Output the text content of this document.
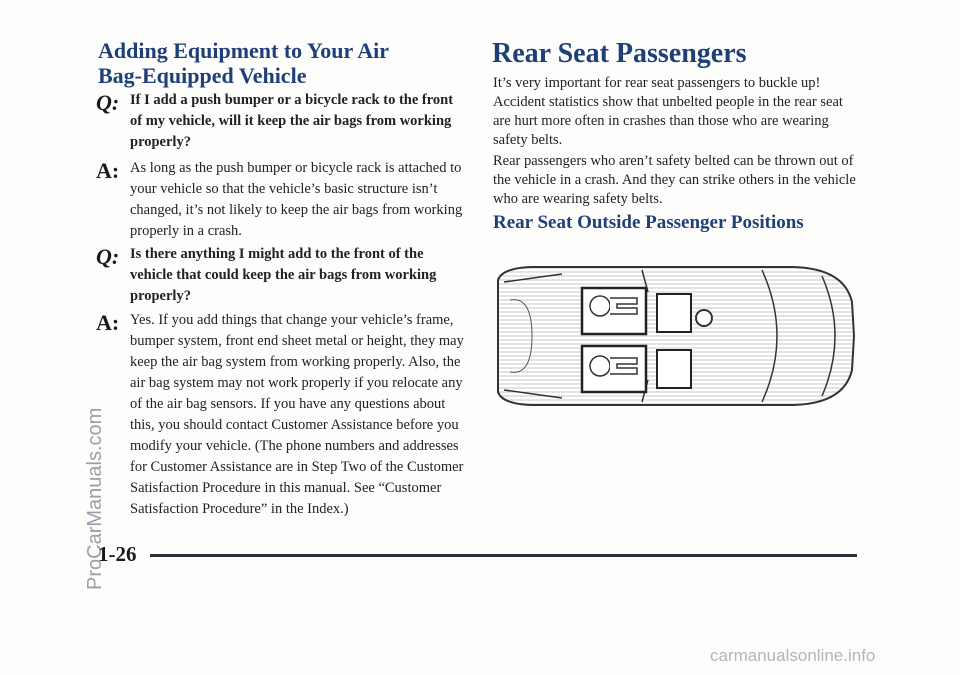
ProCarManuals.com
Adding Equipment to Your Air Bag-Equipped Vehicle
Q: If I add a push bumper or a bicycle rack to the front of my vehicle, will it keep the air bags from working properly?
A: As long as the push bumper or bicycle rack is attached to your vehicle so that the vehicle’s basic structure isn’t changed, it’s not likely to keep the air bags from working properly in a crash.
Q: Is there anything I might add to the front of the vehicle that could keep the air bags from working properly?
A: Yes. If you add things that change your vehicle’s frame, bumper system, front end sheet metal or height, they may keep the air bag system from working properly. Also, the air bag system may not work properly if you relocate any of the air bag sensors. If you have any questions about this, you should contact Customer Assistance before you modify your vehicle. (The phone numbers and addresses for Customer Assistance are in Step Two of the Customer Satisfaction Procedure in this manual. See “Customer Satisfaction Procedure” in the Index.)
Rear Seat Passengers
It’s very important for rear seat passengers to buckle up! Accident statistics show that unbelted people in the rear seat are hurt more often in crashes than those who are wearing safety belts.
Rear passengers who aren’t safety belted can be thrown out of the vehicle in a crash. And they can strike others in the vehicle who are wearing safety belts.
Rear Seat Outside Passenger Positions
1-26
carmanualsonline.info
